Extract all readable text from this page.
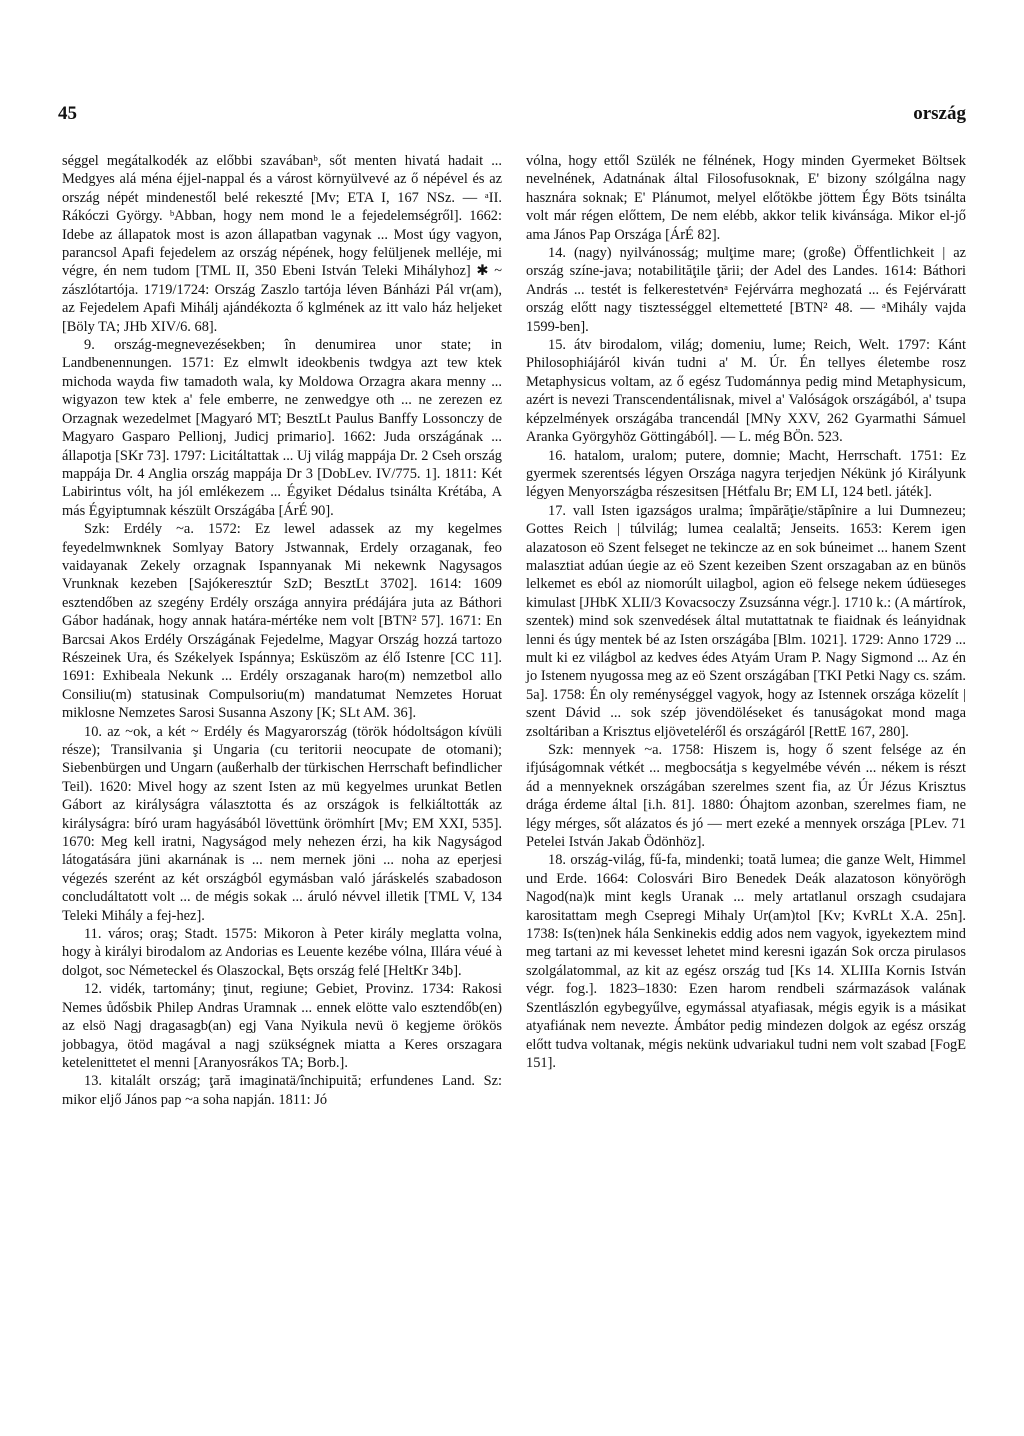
45	ország

séggel megátalkodék az előbbi szavábanᵇ, sőt menten hivatá hadait ... Medgyes alá ména éjjel-nappal és a várost környülvevé az ő népével és az ország népét mindenestől belé rekeszté [Mv; ETA I, 167 NSz. — ᵃII. Rákóczi György. ᵇAbban, hogy nem mond le a fejedelemségről]. 1662: Idebe az állapatok most is azon állapatban vagynak ... Most úgy vagyon, parancsol Apafi fejedelem az ország népének, hogy felüljenek melléje, mi végre, én nem tudom [TML II, 350 Ebeni István Teleki Mihályhoz] ✱ ~ zászlótartója. 1719/1724: Ország Zaszlo tartója léven Bánházi Pál vr(am), az Fejedelem Apafi Mihálj ajándékozta ő kglmének az itt valo ház heljeket [Böly TA; JHb XIV/6. 68].

9. ország-megnevezésekben; în denumirea unor state; in Landbenennungen. 1571: Ez elmwlt ideokbenis twdgya azt tew ktek michoda wayda fiw tamadoth wala, ky Moldowa Orzagra akara menny ... wigyazon tew ktek a' fele emberre, ne zenwedgye oth ... ne zerezen ez Orzagnak wezedelmet [Magyaró MT; BesztLt Paulus Banffy Lossonczy de Magyaro Gasparo Pellionj, Judicj primario]. 1662: Juda országának ... állapotja [SKr 73]. 1797: Licitáltattak ... Uj világ mappája Dr. 2 Cseh ország mappája Dr. 4 Anglia ország mappája Dr 3 [DobLev. IV/775. 1]. 1811: Két Labirintus vólt, ha jól emlékezem ... Égyiket Dédalus tsinálta Krétába, A más Égyiptumnak készült Országába [ÁrÉ 90].

Szk: Erdély ~a. 1572: Ez lewel adassek az my kegelmes feyedelmwnknek Somlyay Batory Jstwannak, Erdely orzaganak, feo vaidayanak Zekely orzagnak Ispannyanak Mi nekewnk Nagysagos Vrunknak kezeben [Sajókeresztúr SzD; BesztLt 3702]. 1614: 1609 esztendőben az szegény Erdély országa annyira prédájára juta az Báthori Gábor hadának, hogy annak határa-mértéke nem volt [BTN² 57]. 1671: En Barcsai Akos Erdély Országának Fejedelme, Magyar Ország hozzá tartozo Részeinek Ura, és Székelyek Ispánnya; Esküszöm az élő Istenre [CC 11]. 1691: Exhibeala Nekunk ... Erdély orszaganak haro(m) nemzetbol allo Consiliu(m) statusinak Compulsoriu(m) mandatumat Nemzetes Horuat miklosne Nemzetes Sarosi Susanna Aszony [K; SLt AM. 36].

10. az ~ok, a két ~ Erdély és Magyarország (török hódoltságon kívüli része); Transilvania şi Ungaria (cu teritorii neocupate de otomani); Siebenbürgen und Ungarn (außerhalb der türkischen Herrschaft befindlicher Teil). 1620: Mivel hogy az szent Isten az mü kegyelmes urunkat Betlen Gábort az királyságra választotta és az országok is felkiáltották az királyságra: bíró uram hagyásából lövettünk örömhírt [Mv; EM XXI, 535]. 1670: Meg kell iratni, Nagyságod mely nehezen érzi, ha kik Nagyságod látogatására jüni akarnának is ... nem mernek jöni ... noha az eperjesi végezés szerént az két országból egymásban való járáskelés szabadoson concludáltatott volt ... de mégis sokak ... áruló névvel illetik [TML V, 134 Teleki Mihály a fej-hez].

11. város; oraş; Stadt. 1575: Mikoron à Peter király meglatta volna, hogy à királyi birodalom az Andorias es Leuente kezébe vólna, Illára véué à dolgot, soc Németeckel és Olaszockal, Bęts ország felé [HeltKr 34b].

12. vidék, tartomány; ţinut, regiune; Gebiet, Provinz. 1734: Rakosi Nemes ůdősbik Philep Andras Uramnak ... ennek elötte valo esztendőb(en) az elsö Nagj dragasagb(an) egj Vana Nyikula nevü ö kegjeme örökös jobbagya, ötöd magával a nagj szükségnek miatta a Keres orszagara ketelenittetet el menni [Aranyosrákos TA; Borb.].

13. kitalált ország; ţară imaginatä/închipuită; erfundenes Land. Sz: mikor eljő János pap ~a soha napján. 1811: Jó

vólna, hogy ettől Szülék ne félnének, Hogy minden Gyermeket Böltsek nevelnének, Adatnának által Filosofusoknak, E' bizony szólgálna nagy hasznára soknak; E' Plánumot, melyel előtökbe jöttem Égy Böts tsinálta volt már régen előttem, De nem elébb, akkor telik kivánsága. Mikor el-jő ama János Pap Országa [ÁrÉ 82].

14. (nagy) nyilvánosság; mulţime mare; (große) Öffentlichkeit | az ország színe-java; notabilităţile ţării; der Adel des Landes. 1614: Báthori András ... testét is felkerestetvénᵃ Fejérvárra meghozatá ... és Fejérváratt ország előtt nagy tisztességgel eltemetteté [BTN² 48. — ᵃMihály vajda 1599-ben].

15. átv birodalom, világ; domeniu, lume; Reich, Welt. 1797: Kánt Philosophiájáról kiván tudni a' M. Úr. Én tellyes életembe rosz Metaphysicus voltam, az ő egész Tudománnya pedig mind Metaphysicum, azért is nevezi Transcendentálisnak, mivel a' Valóságok országából, a' tsupa képzelmények országába trancendál [MNy XXV, 262 Gyarmathi Sámuel Aranka Györgyhöz Göttingából]. — L. még BÖn. 523.

16. hatalom, uralom; putere, domnie; Macht, Herrschaft. 1751: Ez gyermek szerentsés légyen Országa nagyra terjedjen Nékünk jó Királyunk légyen Menyországba részesitsen [Hétfalu Br; EM LI, 124 betl. játék].

17. vall Isten igazságos uralma; împărăţie/stăpînire a lui Dumnezeu; Gottes Reich | túlvilág; lumea cealaltă; Jenseits. 1653: Kerem igen alazatoson eö Szent felseget ne tekincze az en sok búneimet ... hanem Szent malasztiat adúan úegie az eö Szent kezeiben Szent orszagaban az en bünös lelkemet es eból az niomorúlt uilagbol, agion eö felsege nekem údüeseges kimulast [JHbK XLII/3 Kovacsoczy Zsuzsánna végr.]. 1710 k.: (A mártírok, szentek) mind sok szenvedések által mutattatnak te fiaidnak és leányidnak lenni és úgy mentek bé az Isten országába [Blm. 1021]. 1729: Anno 1729 ... mult ki ez világbol az kedves édes Atyám Uram P. Nagy Sigmond ... Az én jo Istenem nyugossa meg az eö Szent országában [TKI Petki Nagy cs. szám. 5a]. 1758: Én oly reménységgel vagyok, hogy az Istennek országa közelít | szent Dávid ... sok szép jövendöléseket és tanuságokat mond maga zsoltáriban a Krisztus eljöveteléről és országáról [RettE 167, 280].

Szk: mennyek ~a. 1758: Hiszem is, hogy ő szent felsége az én ifjúságomnak vétkét ... megbocsátja s kegyelmébe vévén ... nékem is részt ád a mennyeknek országában szerelmes szent fia, az Úr Jézus Krisztus drága érdeme által [i.h. 81]. 1880: Óhajtom azonban, szerelmes fiam, ne légy mérges, sőt alázatos és jó — mert ezeké a mennyek országa [PLev. 71 Petelei István Jakab Ödönhöz].

18. ország-világ, fű-fa, mindenki; toată lumea; die ganze Welt, Himmel und Erde. 1664: Colosvári Biro Benedek Deák alazatoson könyörögh Nagod(na)k mint kegls Uranak ... mely artatlanul orszagh csudajara karositattam megh Csepregi Mihaly Ur(am)tol [Kv; KvRLt X.A. 25n]. 1738: Is(ten)nek hála Senkinekis eddig ados nem vagyok, igyekeztem mind meg tartani az mi kevesset lehetet mind keresni igazán Sok orcza pirulasos szolgálatommal, az kit az egész ország tud [Ks 14. XLIIIa Kornis István végr. fog.]. 1823–1830: Ezen harom rendbeli származások valának Szentlászlón egybegyűlve, egymással atyafiasak, mégis egyik is a másikat atyafiának nem nevezte. Ámbátor pedig mindezen dolgok az egész ország előtt tudva voltanak, mégis nekünk udvariakul tudni nem volt szabad [FogE 151].
